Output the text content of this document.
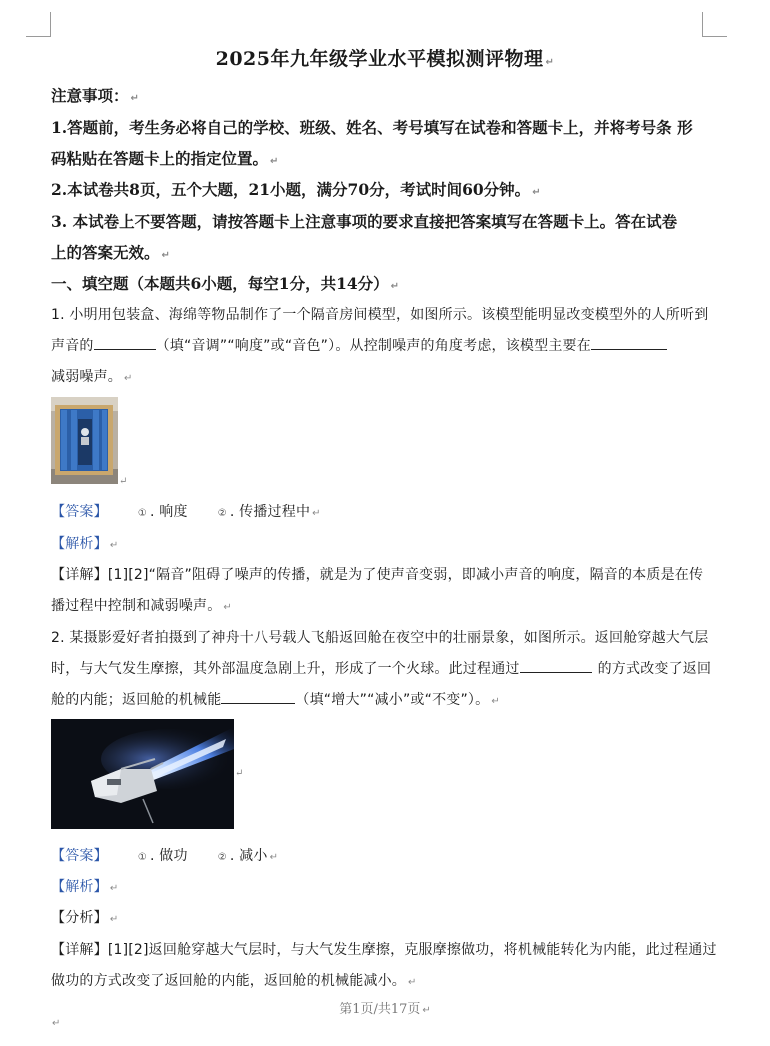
2025年九年级学业水平模拟测评物理 ↵
注意事项： ↵
1.答题前，考生务必将自己的学校、班级、姓名、考号填写在试卷和答题卡上，并将考号条 形
码粘贴在答题卡上的指定位置。 ↵
2.本试卷共8页，五个大题，21小题，满分70分，考试时间60分钟。 ↵
3. 本试卷上不要答题，请按答题卡上注意事项的要求直接把答案填写在答题卡上。答在试卷
上的答案无效。 ↵
一、填空题（本题共6小题，每空1分，共14分） ↵
1. 小明用包装盒、海绵等物品制作了一个隔音房间模型，如图所示。该模型能明显改变模型外的人所听到
声音的	（填“音调”“响度”或“音色”）。从控制噪声的角度考虑，该模型主要在
减弱噪声。 ↵
↵
【答案】	① . 响度	② . 传播过程中 ↵
【解析】 ↵
【详解】[1][2]“隔音”阻碍了噪声的传播，就是为了使声音变弱，即减小声音的响度，隔音的本质是在传
播过程中控制和减弱噪声。 ↵
2. 某摄影爱好者拍摄到了神舟十八号载人飞船返回舱在夜空中的壮丽景象，如图所示。返回舱穿越大气层
时，与大气发生摩擦，其外部温度急剧上升，形成了一个火球。此过程通过	的方式改变了返回
舱的内能；返回舱的机械能	（填“增大”“减小”或“不变”）。 ↵
↵
【答案】	① . 做功	② . 减小 ↵
【解析】 ↵
【分析】 ↵
【详解】[1][2]返回舱穿越大气层时，与大气发生摩擦，克服摩擦做功，将机械能转化为内能，此过程通过
做功的方式改变了返回舱的内能，返回舱的机械能减小。 ↵
第1页/共17页 ↵
↵
